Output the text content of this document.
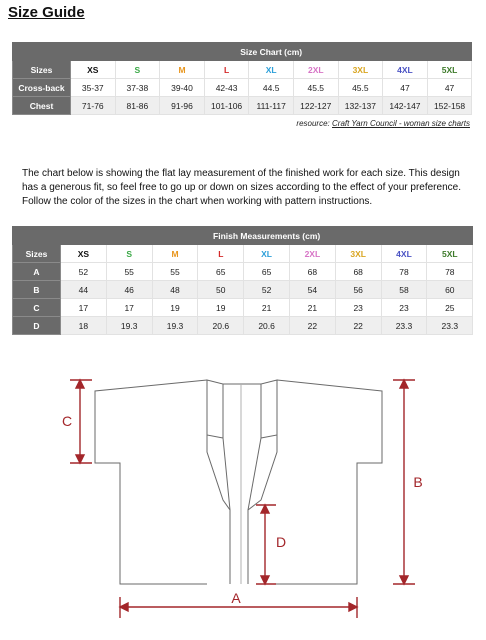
Size Guide
	Size Chart (cm)								
Sizes	XS	S	M	L	XL	2XL	3XL	4XL	5XL
Cross-back	35-37	37-38	39-40	42-43	44.5	45.5	45.5	47	47
Chest	71-76	81-86	91-96	101-106	111-117	122-127	132-137	142-147	152-158
resource: Craft Yarn Council - woman size charts
The chart below is showing the flat lay measurement of the finished work for each size. This design has a generous fit, so feel free to go up or down on sizes according to the effect of your preference. Follow the color of the sizes in the chart when working with pattern instructions.
	Finish Measurements (cm)								
Sizes	XS	S	M	L	XL	2XL	3XL	4XL	5XL
A	52	55	55	65	65	68	68	78	78
B	44	46	48	50	52	54	56	58	60
C	17	17	19	19	21	21	23	23	25
D	18	19.3	19.3	20.6	20.6	22	22	23.3	23.3
C
B
D
A
